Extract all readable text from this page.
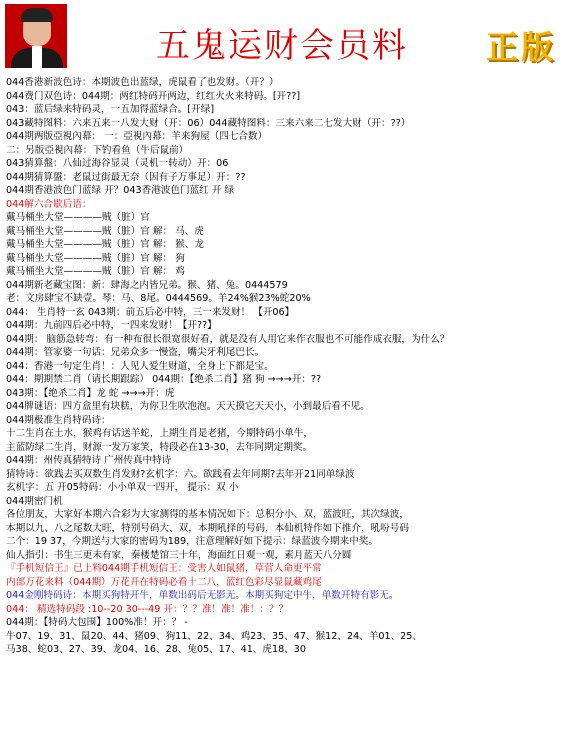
五鬼运财会员料 正版
044香港新波色诗：本期波色出蓝绿，虎鼠看了也发财。（开？）
044费门双色诗：044期：两红特码开两边，红红火火来特码。[开??]
043：蓝后绿来特码灵，一五加得蓝绿合。[开绿]
043藏特图料：六来五来一八发大财（开：06）044藏特图料：三来六来二七发大财（开：??）
044期两版亞視內幕： 一：亞視內幕：羊来狗屋（四七合数）
二：另版亞視內幕：下钓看鱼（牛后鼠前）
043猜算盤：八仙过海谷显灵（灵机一转动）开：06
044期猜算盤：老鼠过街最无奈（因有子万事足）开：??
044期香港波色门蓝绿 开？043香港波色门蓝红 开 绿
044解六合歇后语：
戴马桶坐大堂————贼（脏）官
戴马桶坐大堂————贼（脏）官 解： 马、虎
戴马桶坐大堂————贼（脏）官 解： 猴、龙
戴马桶坐大堂————贼（脏）官 解： 狗
戴马桶坐大堂————贼（脏）官 解： 鸡
044期新老藏宝图：新：肆海之内皆兄弟。猴、猪、兔。0444579
老：文房肆宝不缺壹。琴：马、8尾。0444569。羊24%猴23%蛇20%
044： 生肖特一玄 043期：前五后必中特，三一来发财！ 【开06】
044期：九前四后必中特，一四来发财！【开??】
044期： 脑筋急转弯：有一种布很长很宽很好看，就是没有人用它来作衣服也不可能作成衣服，为什么？
044期：管家婆一句话：兄弟众多一慢盗，嘴尖牙利尾巴长。
044：香港一句定生肖！：人见人爱生财道，全身上下都是宝。
044：期期禁二肖（请长期跟踪） 044期：【绝杀二肖】猪 狗 →→→开：??
043期：【绝杀二肖】龙 蛇 →→→开：虎
044牌谜语：四方盒里有块糕，为你卫生吹泡泡。天天摸它天天小，小到最后看不见。
044期极准生肖特码诗：
十二生肖在土水，猴鸡有话送羊蛇，上期生肖是老猪，今期特码小单牛，
主蓝防绿二生肖，财源一发万家笑，特段必在13-30，去年同期定期奖。
044期：州传真猜特诗 广州传真中特诗
猜特诗：欲践去买双数生肖发财?玄机字：六。欲践看去年同期?去年开21同单绿波
玄机字：五 开05特码：小小单双一四开， 提示：双 小
044期密门机
各位朋友，大家好本期六合彩为大家测得的基本情况如下：总积分小、双，蓝波旺，其次绿波，
本期以九、八之尾数大旺，特别号码大、双，本期吼择的号码，本仙机特作如下推介，吼吩号码
二个：19 37，今期送与大家的密码为189，注意理解好如下提示：绿蓝波今期来中奖。
仙人指引：书生三更未有家，秦楼楚馆三十年，海面红日观一观，素月蓝天八分圆
『手机短信王』已上料044期手机短信王：受害人如鼠猪，草营人命更平常
内部万花来料（044期）万花开在特码必看十二八，蓝红色彩尽显鼠藏鸡尾
044金刚特码诗：本期买狗特开牛，单数出码后无影无。本期买狗定中牛，单数开特有影无。
044： 精选特码段 :10--20 30---49 开：？？准！准！准！：？？
044期：【特码大包围】100%准！开：？ -
牛07、19、31、鼠20、44、猪09、狗11、22、34、鸡23、35、47、猴12、24、羊01、25、
马38、蛇03、27、39、龙04、16、28、兔05、17、41、虎18、30
